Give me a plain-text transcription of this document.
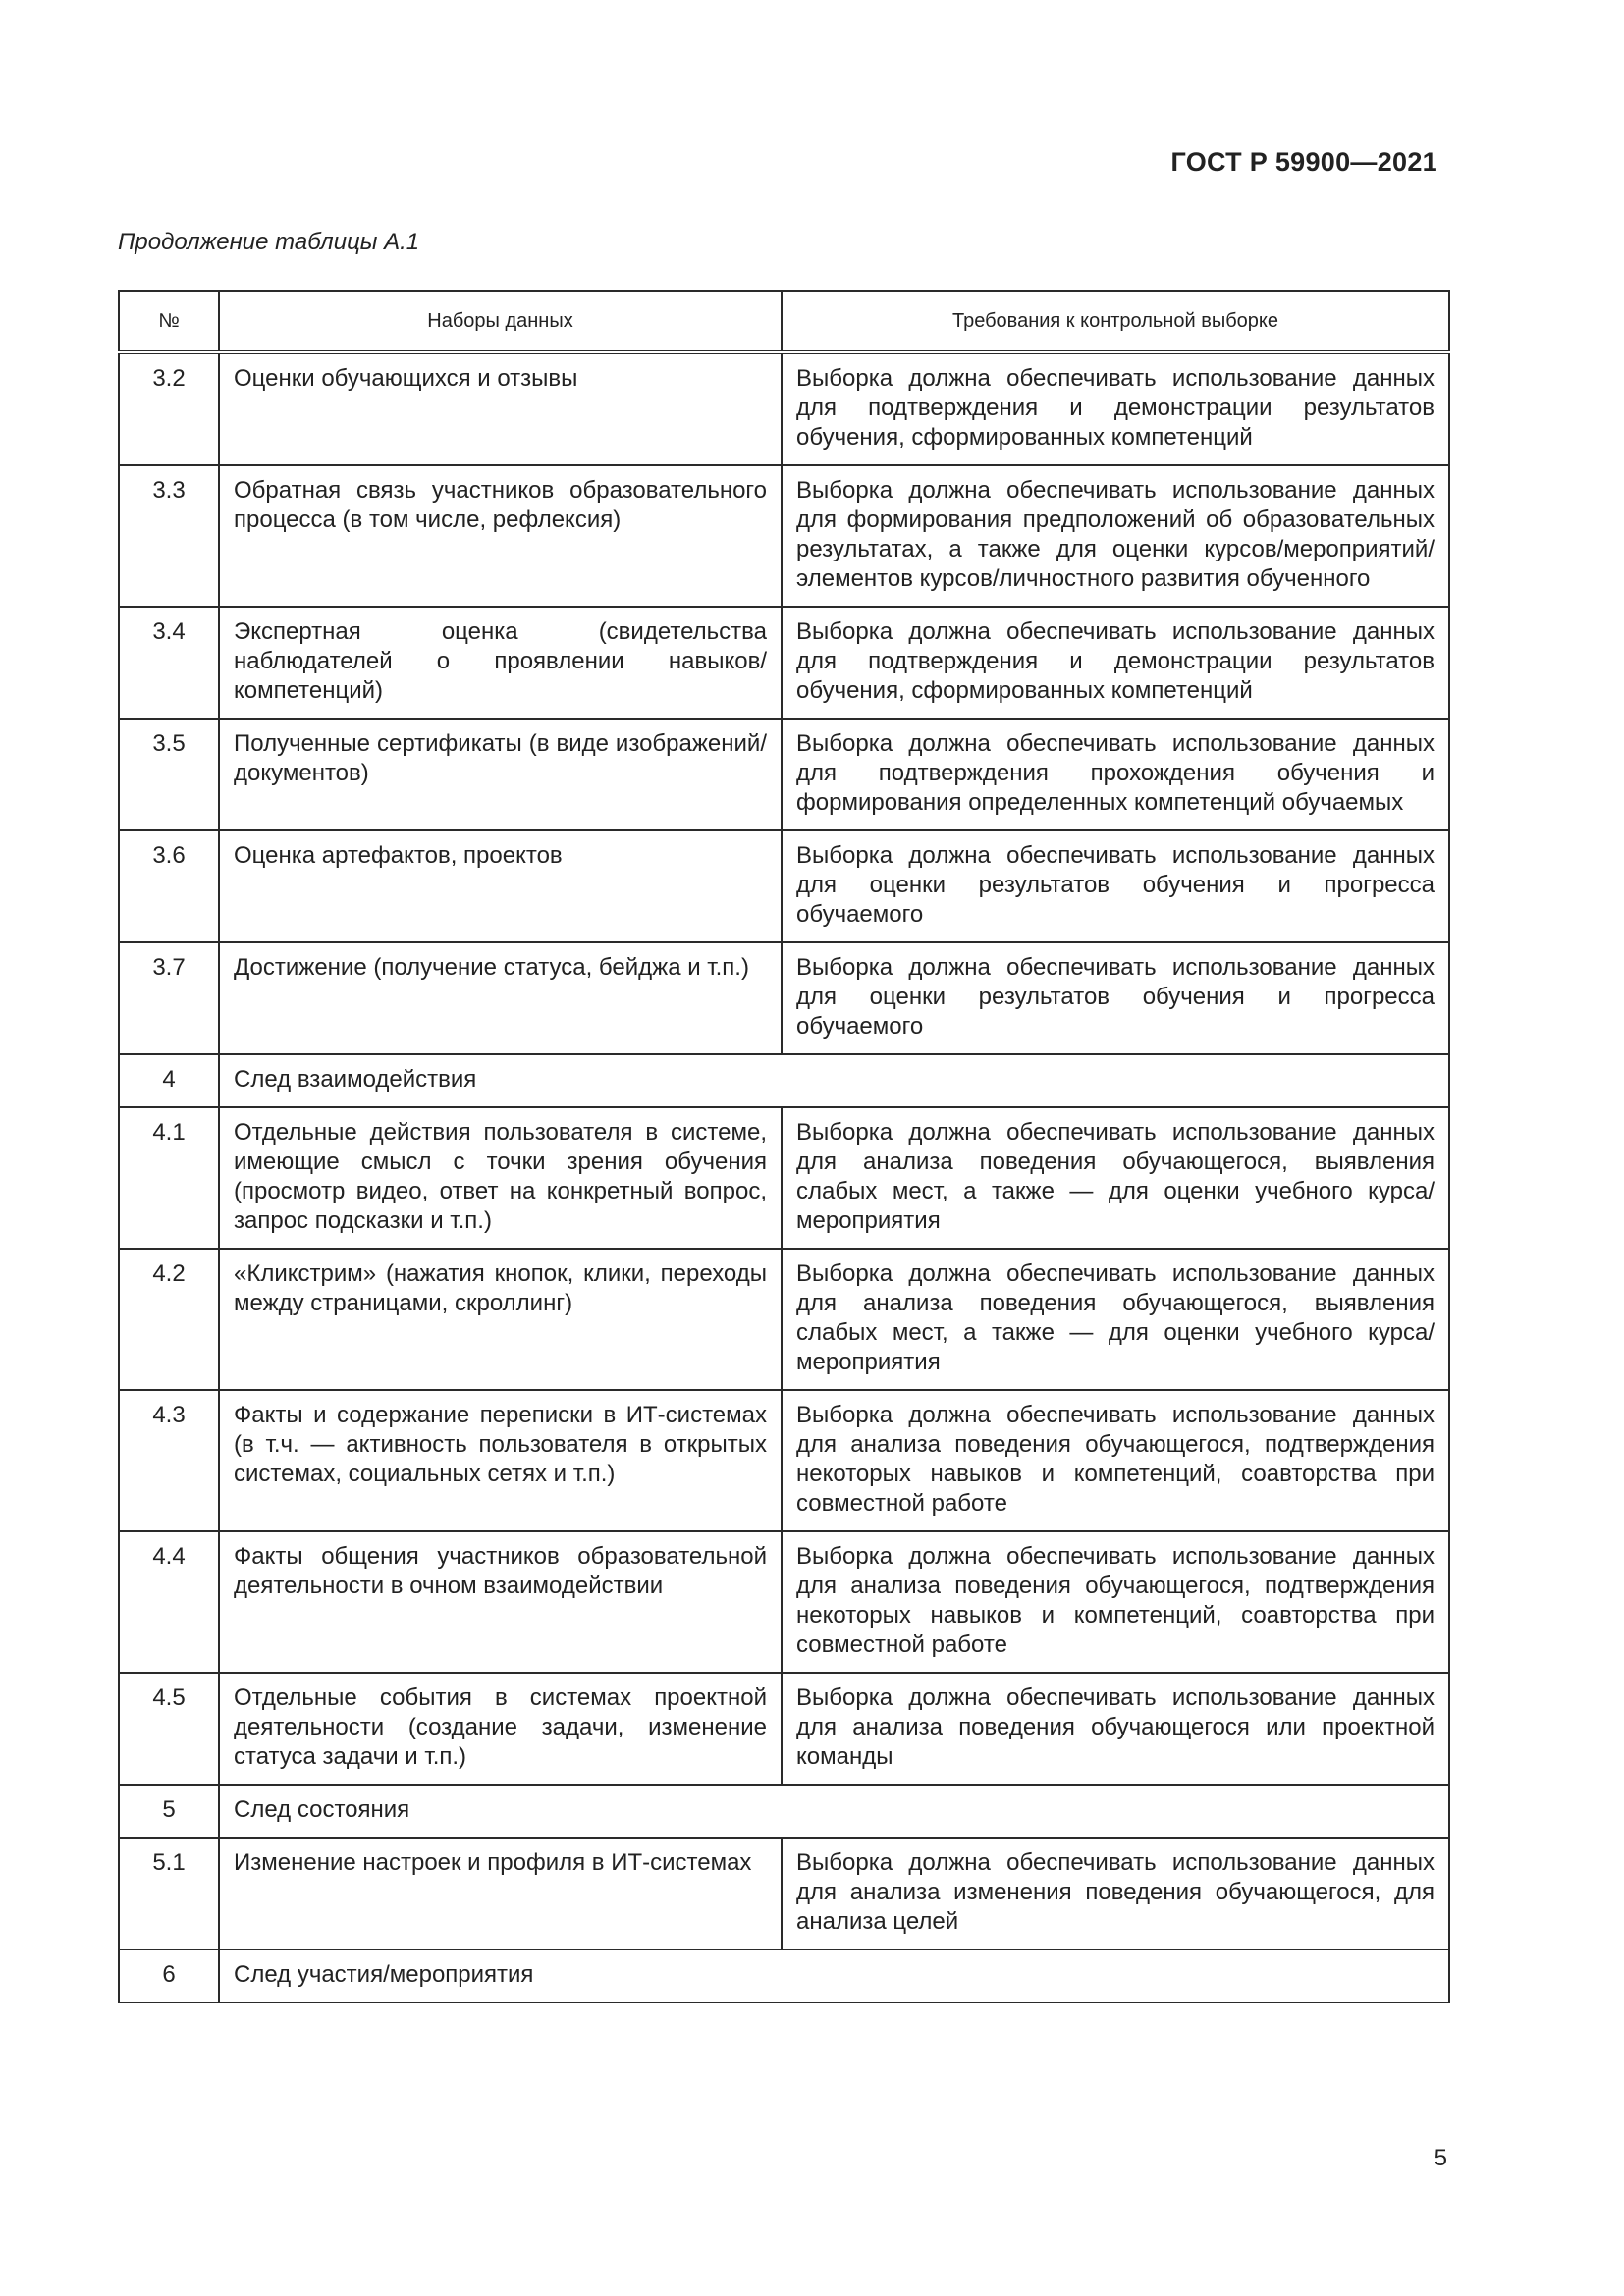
ГОСТ Р 59900—2021
Продолжение таблицы А.1
№	Наборы данных	Требования к контрольной выборке
3.2	Оценки обучающихся и отзывы	Выборка должна обеспечивать использование данных для подтверждения и демонстрации результатов обучения, сформированных компетенций
3.3	Обратная связь участников образовательного процесса (в том числе, рефлексия)	Выборка должна обеспечивать использование данных для формирования предположений об образовательных результатах, а также для оценки курсов/мероприятий/элементов курсов/личностного развития обученного
3.4	Экспертная оценка (свидетельства наблюдателей о проявлении навыков/компетенций)	Выборка должна обеспечивать использование данных для подтверждения и демонстрации результатов обучения, сформированных компетенций
3.5	Полученные сертификаты (в виде изображений/документов)	Выборка должна обеспечивать использование данных для подтверждения прохождения обучения и формирования определенных компетенций обучаемых
3.6	Оценка артефактов, проектов	Выборка должна обеспечивать использование данных для оценки результатов обучения и прогресса обучаемого
3.7	Достижение (получение статуса, бейджа и т.п.)	Выборка должна обеспечивать использование данных для оценки результатов обучения и прогресса обучаемого
4	След взаимодействия	
4.1	Отдельные действия пользователя в системе, имеющие смысл с точки зрения обучения (просмотр видео, ответ на конкретный вопрос, запрос подсказки и т.п.)	Выборка должна обеспечивать использование данных для анализа поведения обучающегося, выявления слабых мест, а также — для оценки учебного курса/мероприятия
4.2	«Кликстрим» (нажатия кнопок, клики, переходы между страницами, скроллинг)	Выборка должна обеспечивать использование данных для анализа поведения обучающегося, выявления слабых мест, а также — для оценки учебного курса/мероприятия
4.3	Факты и содержание переписки в ИТ-системах (в т.ч. — активность пользователя в открытых системах, социальных сетях и т.п.)	Выборка должна обеспечивать использование данных для анализа поведения обучающегося, подтверждения некоторых навыков и компетенций, соавторства при совместной работе
4.4	Факты общения участников образовательной деятельности в очном взаимодействии	Выборка должна обеспечивать использование данных для анализа поведения обучающегося, подтверждения некоторых навыков и компетенций, соавторства при совместной работе
4.5	Отдельные события в системах проектной деятельности (создание задачи, изменение статуса задачи и т.п.)	Выборка должна обеспечивать использование данных для анализа поведения обучающегося или проектной команды
5	След состояния	
5.1	Изменение настроек и профиля в ИТ-системах	Выборка должна обеспечивать использование данных для анализа изменения поведения обучающегося, для анализа целей
6	След участия/мероприятия	
5
